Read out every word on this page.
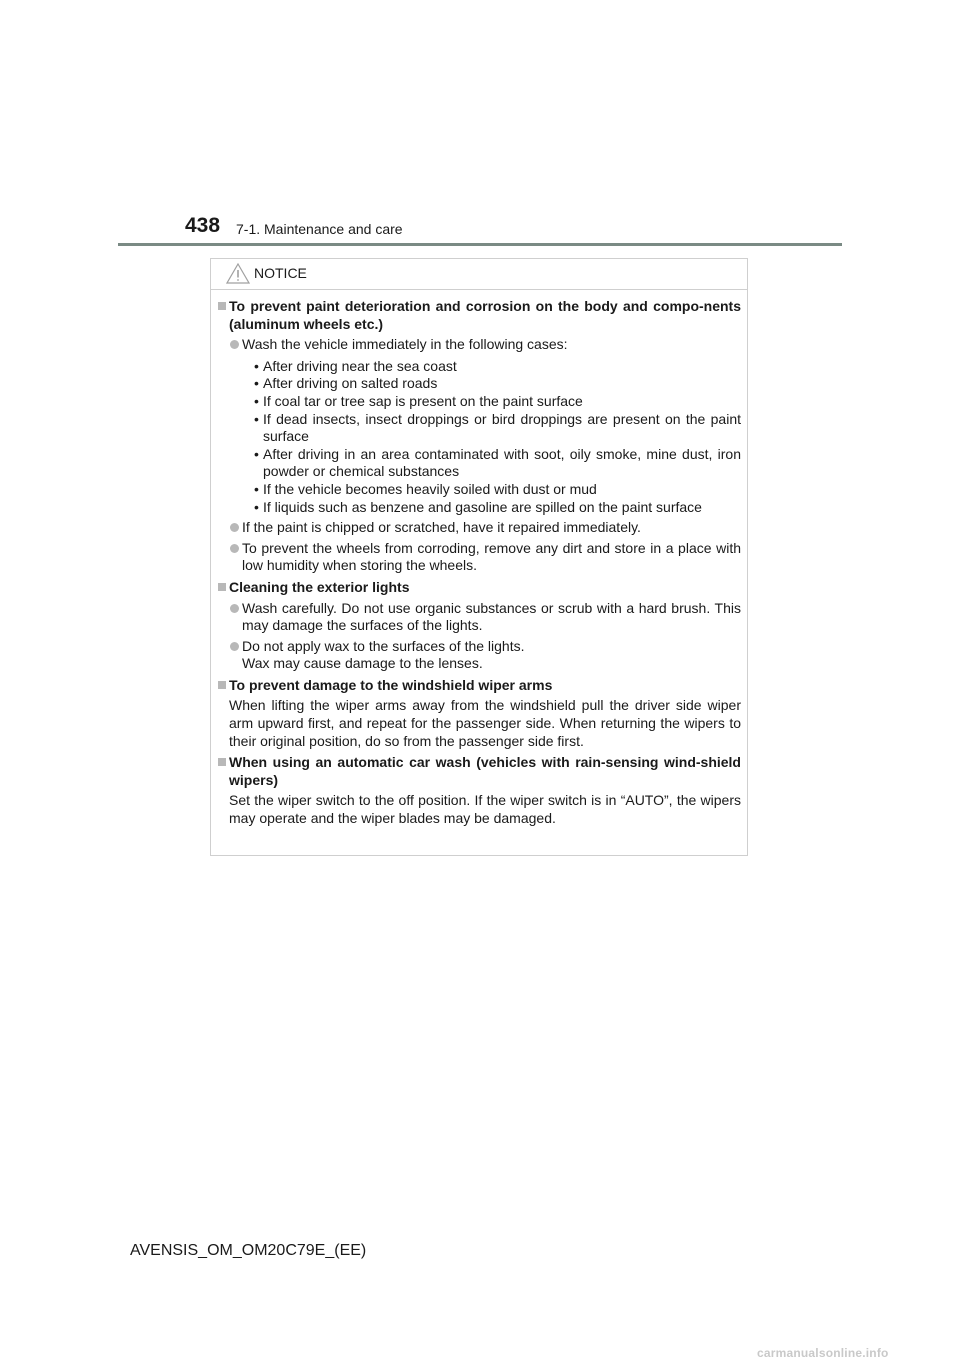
438 7-1. Maintenance and care
NOTICE
To prevent paint deterioration and corrosion on the body and compo-nents (aluminum wheels etc.)
Wash the vehicle immediately in the following cases:
• After driving near the sea coast
• After driving on salted roads
• If coal tar or tree sap is present on the paint surface
• If dead insects, insect droppings or bird droppings are present on the paint surface
• After driving in an area contaminated with soot, oily smoke, mine dust, iron powder or chemical substances
• If the vehicle becomes heavily soiled with dust or mud
• If liquids such as benzene and gasoline are spilled on the paint surface
If the paint is chipped or scratched, have it repaired immediately.
To prevent the wheels from corroding, remove any dirt and store in a place with low humidity when storing the wheels.
Cleaning the exterior lights
Wash carefully. Do not use organic substances or scrub with a hard brush. This may damage the surfaces of the lights.
Do not apply wax to the surfaces of the lights.
Wax may cause damage to the lenses.
To prevent damage to the windshield wiper arms
When lifting the wiper arms away from the windshield pull the driver side wiper arm upward first, and repeat for the passenger side. When returning the wipers to their original position, do so from the passenger side first.
When using an automatic car wash (vehicles with rain-sensing wind-shield wipers)
Set the wiper switch to the off position. If the wiper switch is in “AUTO”, the wipers may operate and the wiper blades may be damaged.
AVENSIS_OM_OM20C79E_(EE)
carmanualsonline.info
